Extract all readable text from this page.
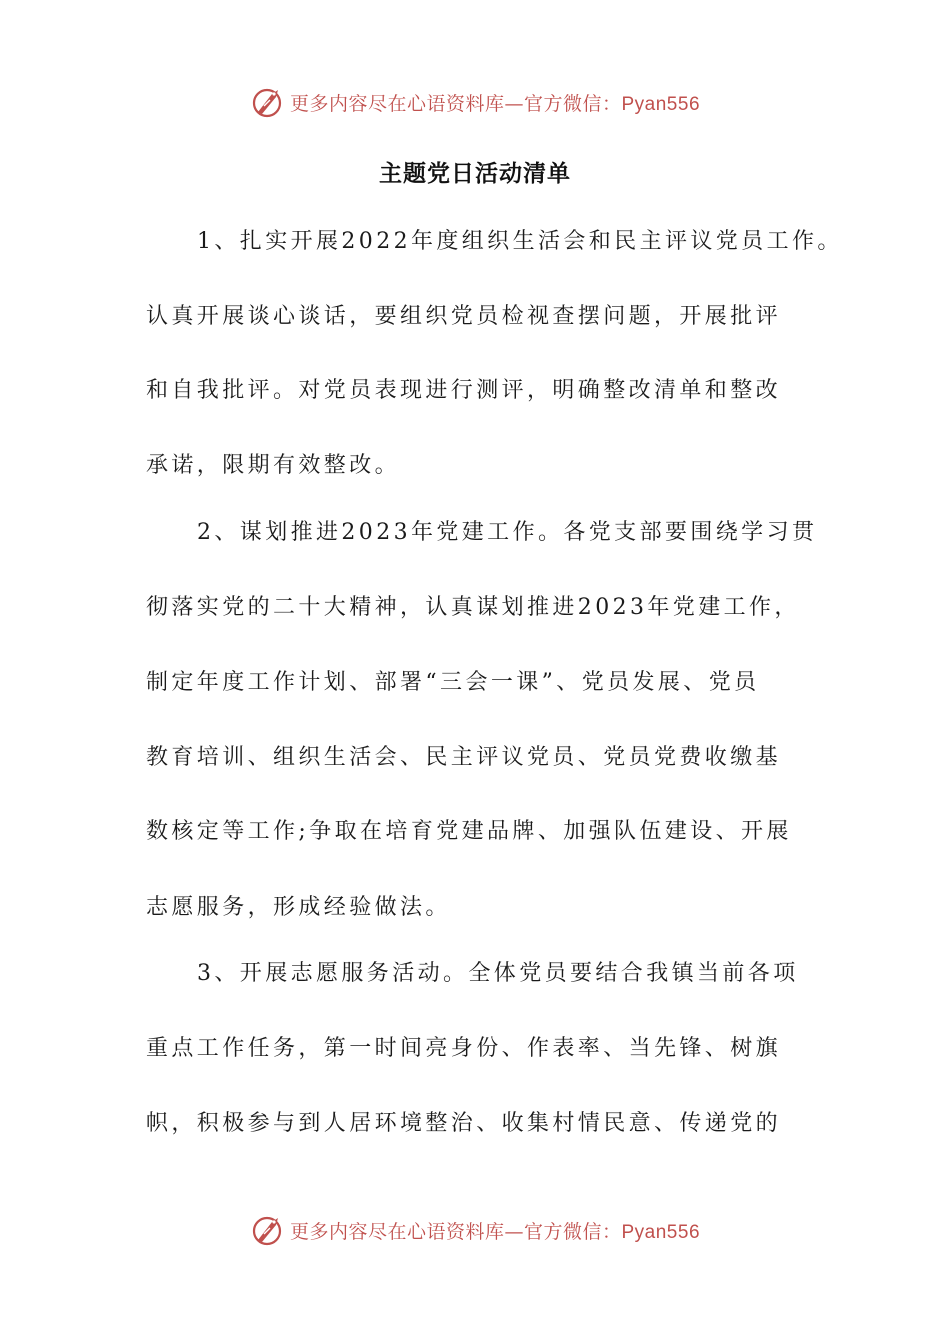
更多内容尽在心语资料库—官方微信：Pyan556
主题党日活动清单
1、扎实开展2022年度组织生活会和民主评议党员工作。
认真开展谈心谈话，要组织党员检视查摆问题，开展批评
和自我批评。对党员表现进行测评，明确整改清单和整改
承诺，限期有效整改。
2、谋划推进2023年党建工作。各党支部要围绕学习贯
彻落实党的二十大精神，认真谋划推进2023年党建工作，
制定年度工作计划、部署“三会一课”、党员发展、党员
教育培训、组织生活会、民主评议党员、党员党费收缴基
数核定等工作;争取在培育党建品牌、加强队伍建设、开展
志愿服务，形成经验做法。
3、开展志愿服务活动。全体党员要结合我镇当前各项
重点工作任务，第一时间亮身份、作表率、当先锋、树旗
帜，积极参与到人居环境整治、收集村情民意、传递党的
更多内容尽在心语资料库—官方微信：Pyan556
